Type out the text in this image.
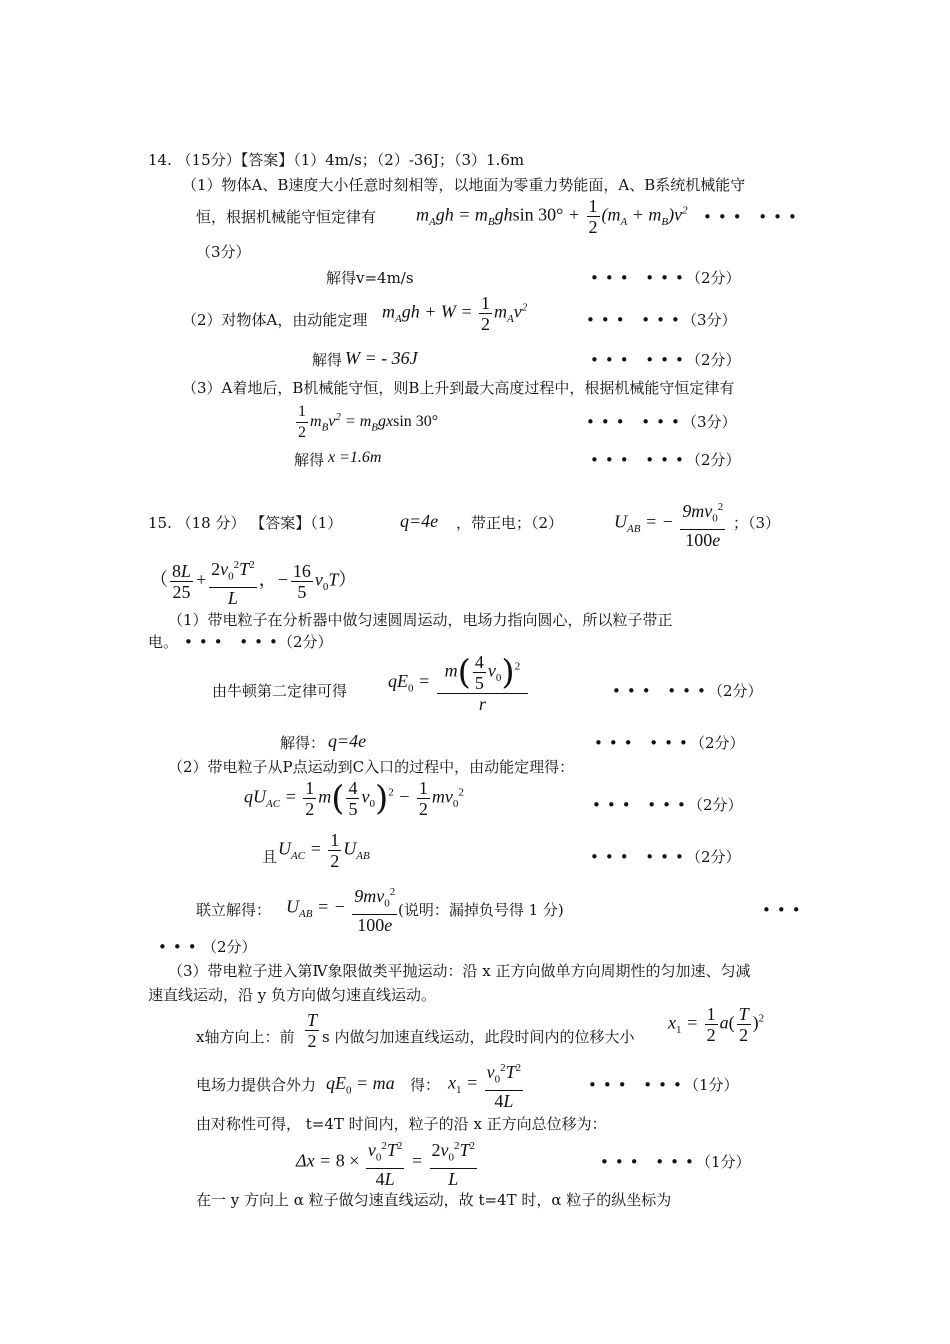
14. （15分）【答案】（1）4m/s；（2）-36J；（3）1.6m
（1）物体A、B速度大小任意时刻相等，以地面为零重力势能面，A、B系统机械能守
恒，根据机械能守恒定律有 $m_Agh = m_Bghsin$ $30^\circ + \frac{1}{2} (m_A + m_B)v^2$ ••• •••
（3分）
解得v=4m/s	••• •••
（2分）
（2）对物体A，由动能定理 $m_Agh + W = \frac{1}{2} m_Av^2$
••• •••
（3分）
解得 W = - 36J	••• •••
（2分）
（3）A着地后，B机械能守恒，则B上升到最大高度过程中，根据机械能守恒定律有
$\frac{1}{2} m_Bv^2 = m_Bgxsin$ 30°	••• •••
（3分）
解得 x =1.6m	••• •••
（2分）
15. （18 分） 【答案】（1）	q=4e ，带正电；（2）	$U_{AB}$ = − $\frac{9mv_0^2}{100e}$ ；（3）
（ $\frac{8L}{25} + \frac{2v_0^2T^2}{L}$ ，− $\frac{16}{5} v_0T$）
（1）带电粒子在分析器中做匀速圆周运动，电场力指向圆心，所以粒子带正
电。 ••• •••
（2分）
由牛顿第二定律可得 $qE_0 = \frac{m( \frac{4}{5} v_0)^2}{r}$	••• •••
（2分）
解得： q=4e	••• •••
（2分）
（2）带电粒子从P点运动到C入口的过程中，由动能定理得：
$qU_{AC} = \frac{1}{2} m( \frac{4}{5} v_0)^2 - \frac{1}{2} mv_0^2$
••• •••
（2分）
且 $U_{AC} = \frac{1}{2} U_{AB}$	••• •••
（2分）
联立解得： $U_{AB}$ = − $\frac{9mv_0^2}{100e}$ (说明：漏掉负号得 1 分)	•••
••• （2分）
（3）带电粒子进入第Ⅳ象限做类平抛运动：沿 x 正方向做单方向周期性的匀加速、匀减
速直线运动，沿 y 负方向做匀速直线运动。
x轴方向上：前 $\frac{T}{2}$ s 内做匀加速直线运动，此段时间内的位移大小
$x_1 = \frac{1}{2} a( \frac{T}{2} )^2$
电场力提供合外力 $qE_0$ = ma 得： $x_1 = \frac{v_0^2T^2}{4L}$	••• •••
（1分）
由对称性可得， t=4T 时间内，粒子的沿 x 正方向总位移为：
$\Delta x = 8 \times \frac{v_0^2T^2}{4L} = \frac{2v_0^2T^2}{L}$	••• •••
（1分）
在一 y 方向上 α 粒子做匀速直线运动，故 t=4T 时，α 粒子的纵坐标为
